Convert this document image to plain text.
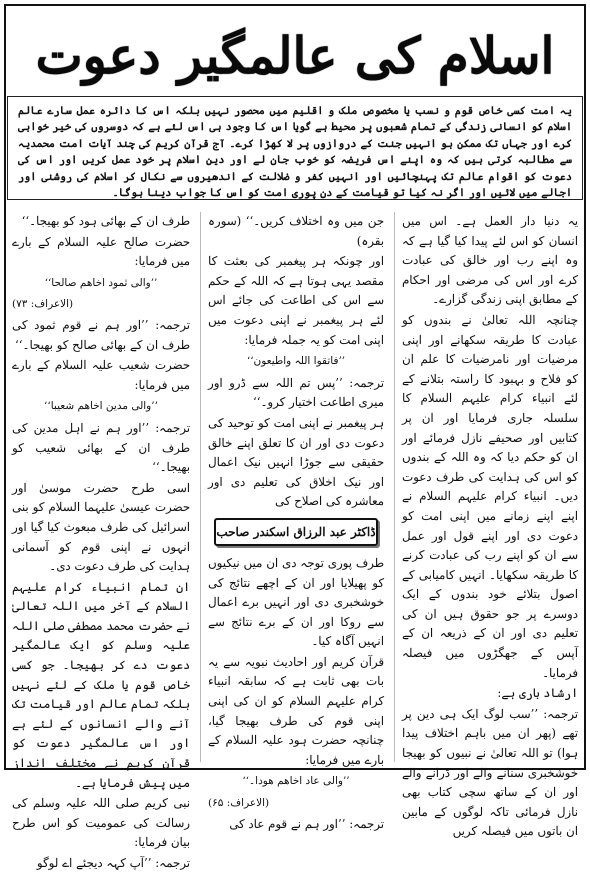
اسلام کی عالمگیر دعوت

یہ امت کسی خاص قوم و نسب یا مخصوص ملک و اقلیم میں محصور نہیں بلکہ اس کا دائرہ عمل سارے عالم اسلام کو انسانی زندگی کے تمام شعبوں پر محیط ہے گویا اس کا وجود ہی اس لئے ہے کہ دوسروں کی خیر خواہی کرے اور جہاں تک ممکن ہو انہیں جنت کے دروازوں پر لا کھڑا کرے۔ آج قرآن کریم کی چند آیات امت محمدیہ سے مطالبہ کرتی ہیں کہ وہ اپنے اس فریضہ کو خوب جان لے اور دین اسلام پر خود عمل کریں اور اس کی دعوت کو اقوام عالم تک پہنچائیں اور انہیں کفر و ضلالت کے اندھیروں سے نکال کر اسلام کی روشنی اور اجالے میں لائیں اور اگر نہ کیا تو قیامت کے دن پوری امت کو اس کا جواب دینا ہوگا۔

یہ دنیا دار العمل ہے۔ اس میں انسان کو اس لئے پیدا کیا گیا ہے کہ وہ اپنے رب اور خالق کی عبادت کرے اور اس کی مرضی اور احکام کے مطابق اپنی زندگی گزارے۔

چنانچہ اللہ تعالیٰ نے بندوں کو عبادت کا طریقہ سکھانے اور اپنی مرضیات اور نامرضیات کا علم ان کو فلاح و بہبود کا راستہ بتلانے کے لئے انبیاء کرام علیہم السلام کا سلسلہ جاری فرمایا اور ان پر کتابیں اور صحیفے نازل فرمائے اور ان کو حکم دیا کہ وہ اللہ کے بندوں کو اس کی ہدایت کی طرف دعوت دیں۔ انبیاء کرام علیہم السلام نے اپنے اپنے زمانے میں اپنی امت کو دعوت دی اور اپنے قول اور عمل سے ان کو اپنے رب کی عبادت کرنے کا طریقہ سکھایا۔ انہیں کامیابی کے اصول بتلائے خود بندوں کے ایک دوسرے پر جو حقوق ہیں ان کی تعلیم دی اور ان کے ذریعہ ان کے آپس کے جھگڑوں میں فیصلہ فرمایا۔

ارشاد باری ہے:

ترجمہ: ’’سب لوگ ایک ہی دین پر تھے (پھر ان میں باہم اختلاف پیدا ہوا) تو اللہ تعالیٰ نے نبیوں کو بھیجا خوشخبری سنانے والے اور ڈرانے والے اور ان کے ساتھ سچی کتاب بھی نازل فرمائی تاکہ لوگوں کے مابین ان باتوں میں فیصلہ کریں

جن میں وہ اختلاف کریں۔‘‘ (سورہ بقرہ)

اور چونکہ ہر پیغمبر کی بعثت کا مقصد یہی ہوتا ہے کہ اللہ کے حکم سے اس کی اطاعت کی جائے اس لئے ہر پیغمبر نے اپنی دعوت میں اپنی امت کو یہ جملہ فرمایا:

’’فاتقوا اللہ واطیعون‘‘

ترجمہ: ’’پس تم اللہ سے ڈرو اور میری اطاعت اختیار کرو۔‘‘

ہر پیغمبر نے اپنی امت کو توحید کی دعوت دی اور ان کا تعلق اپنے خالق حقیقی سے جوڑا انہیں نیک اعمال اور نیک اخلاق کی تعلیم دی اور معاشرہ کی اصلاح کی

ڈاکٹر عبد الرزاق اسکندر صاحب

طرف پوری توجہ دی ان میں نیکیوں کو پھیلایا اور ان کے اچھے نتائج کی خوشخبری دی اور انہیں برے اعمال سے روکا اور ان کے برے نتائج سے انہیں آگاہ کیا۔

قرآن کریم اور احادیث نبویہ سے یہ بات بھی ثابت ہے کہ سابقہ انبیاء کرام علیہم السلام کو ان کی اپنی اپنی قوم کی طرف بھیجا گیا، چنانچہ حضرت ہود علیہ السلام کے بارے میں فرمایا:

’’والی عاد اخاھم ھودا۔‘‘

(الاعراف: ۶۵)

ترجمہ: ’’اور ہم نے قوم عاد کی

طرف ان کے بھائی ہود کو بھیجا۔‘‘

حضرت صالح علیہ السلام کے بارے میں فرمایا:

’’والی ثمود اخاھم صالحا‘‘

(الاعراف: ۷۳)

ترجمہ: ’’اور ہم نے قوم ثمود کی طرف ان کے بھائی صالح کو بھیجا۔‘‘

حضرت شعیب علیہ السلام کے بارے میں فرمایا:

’’والی مدین اخاھم شعیبا‘‘

ترجمہ: ’’اور ہم نے اہل مدین کی طرف ان کے بھائی شعیب کو بھیجا۔‘‘

اسی طرح حضرت موسیٰ اور حضرت عیسیٰ علیہما السلام کو بنی اسرائیل کی طرف مبعوث کیا گیا اور انہوں نے اپنی قوم کو آسمانی ہدایت کی طرف دعوت دی۔

ان تمام انبیاء کرام علیہم السلام کے آخر میں اللہ تعالیٰ نے حضرت محمد مصطفی صلی اللہ علیہ وسلم کو ایک عالمگیر دعوت دے کر بھیجا۔ جو کسی خاص قوم یا ملک کے لئے نہیں بلکہ تمام عالم اور قیامت تک آنے والے انسانوں کے لئے ہے اور اس عالمگیر دعوت کو قرآن کریم نے مختلف انداز میں پیش فرمایا ہے۔

نبی کریم صلی اللہ علیہ وسلم کی رسالت کی عمومیت کو اس طرح بیان فرمایا:

ترجمہ: ’’آپ کہہ دیجئے اے لوگو
